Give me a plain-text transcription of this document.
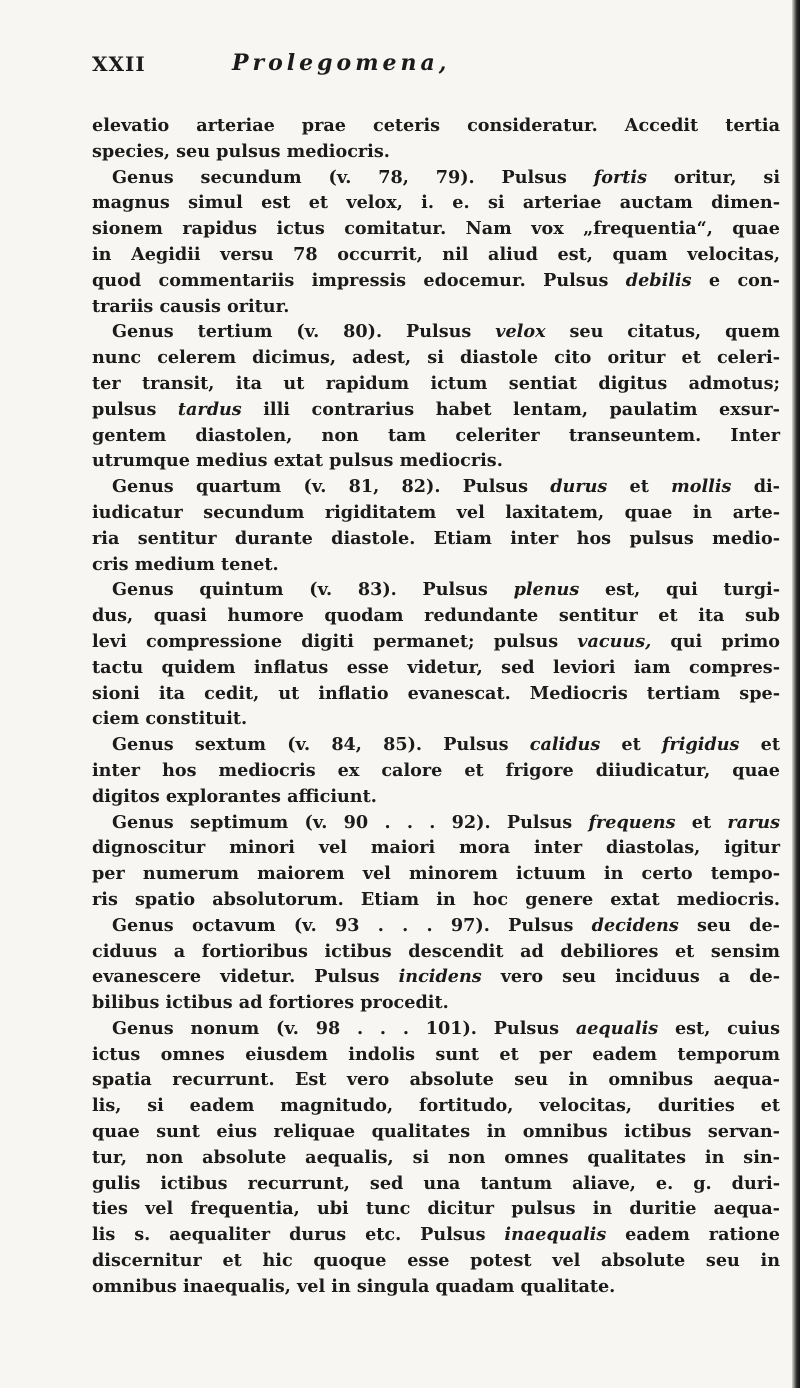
XXII	Prolegomena,
elevatio arteriae prae ceteris consideratur. Accedit tertia
species, seu pulsus mediocris.
Genus secundum (v. 78, 79). Pulsus fortis oritur, si
magnus simul est et velox, i. e. si arteriae auctam dimen-
sionem rapidus ictus comitatur. Nam vox „frequentia“, quae
in Aegidii versu 78 occurrit, nil aliud est, quam velocitas,
quod commentariis impressis edocemur. Pulsus debilis e con-
trariis causis oritur.
Genus tertium (v. 80). Pulsus velox seu citatus, quem
nunc celerem dicimus, adest, si diastole cito oritur et celeri-
ter transit, ita ut rapidum ictum sentiat digitus admotus;
pulsus tardus illi contrarius habet lentam, paulatim exsur-
gentem diastolen, non tam celeriter transeuntem. Inter
utrumque medius extat pulsus mediocris.
Genus quartum (v. 81, 82). Pulsus durus et mollis di-
iudicatur secundum rigiditatem vel laxitatem, quae in arte-
ria sentitur durante diastole. Etiam inter hos pulsus medio-
cris medium tenet.
Genus quintum (v. 83). Pulsus plenus est, qui turgi-
dus, quasi humore quodam redundante sentitur et ita sub
levi compressione digiti permanet; pulsus vacuus, qui primo
tactu quidem inflatus esse videtur, sed leviori iam compres-
sioni ita cedit, ut inflatio evanescat. Mediocris tertiam spe-
ciem constituit.
Genus sextum (v. 84, 85). Pulsus calidus et frigidus et
inter hos mediocris ex calore et frigore diiudicatur, quae
digitos explorantes afficiunt.
Genus septimum (v. 90 . . . 92). Pulsus frequens et rarus
dignoscitur minori vel maiori mora inter diastolas, igitur
per numerum maiorem vel minorem ictuum in certo tempo-
ris spatio absolutorum. Etiam in hoc genere extat mediocris.
Genus octavum (v. 93 . . . 97). Pulsus decidens seu de-
ciduus a fortioribus ictibus descendit ad debiliores et sensim
evanescere videtur. Pulsus incidens vero seu inciduus a de-
bilibus ictibus ad fortiores procedit.
Genus nonum (v. 98 . . . 101). Pulsus aequalis est, cuius
ictus omnes eiusdem indolis sunt et per eadem temporum
spatia recurrunt. Est vero absolute seu in omnibus aequa-
lis, si eadem magnitudo, fortitudo, velocitas, durities et
quae sunt eius reliquae qualitates in omnibus ictibus servan-
tur, non absolute aequalis, si non omnes qualitates in sin-
gulis ictibus recurrunt, sed una tantum aliave, e. g. duri-
ties vel frequentia, ubi tunc dicitur pulsus in duritie aequa-
lis s. aequaliter durus etc. Pulsus inaequalis eadem ratione
discernitur et hic quoque esse potest vel absolute seu in
omnibus inaequalis, vel in singula quadam qualitate.
